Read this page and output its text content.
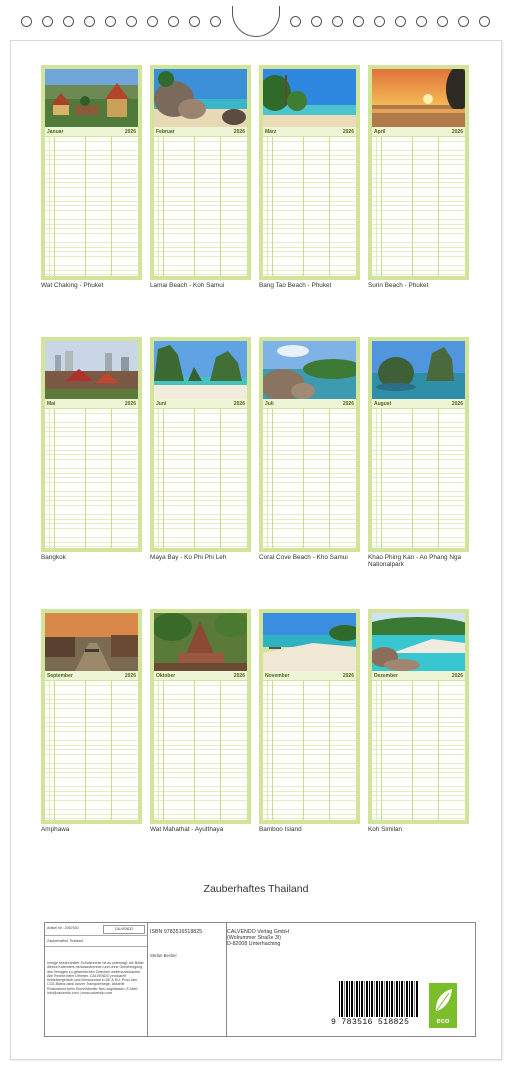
Januar	2026
Wat Chalong - Phuket
Februar	2026
Lamai Beach - Koh Samui
März	2026
Bang Tao Beach - Phuket
April	2026
Surin Beach - Phuket
Mai	2026
Bangkok
Juni	2026
Maya Bay - Ko Phi Phi Leh
Juli	2026
Coral Cove Beach - Kho Samui
August	2026
Khao Phing Kan - Ao Phang Nga Nationalpark
September	2026
Amphawa
Oktober	2026
Wat Mahathat - Ayutthaya
November	2026
Bamboo Island
Dezember	2026
Koh Similan
Zauberhaftes Thailand
Artikel Nr.: 2067630	CALVENDO
Zauberhaftes Thailand
Infolge beschränkter Schutzrechte ist es untersagt, die Bilder dieses Kalenders herauszutrennen und ohne Genehmigung des Verlages zu gewerblichen Zwecken weiterzuverkaufen. Alle Rechte beim Urheber. CALVENDO produziert heidelbergerisch und klimaneutral in DE & EU. Prod.Jahr CO2-Bilanz dank kurzer Transportwege. Aktuelle Rücknahme beim Einzelhändler Neu zugelassen. E-Mail: info@calvendo.com | www.calvendo.com
ISBN 9783516518825
Stefan Becker
CALVENDO Verlag GmbH
(Wolrummer Straße 3I)
D-82008 Unterhaching
9 783516 518825	eco
